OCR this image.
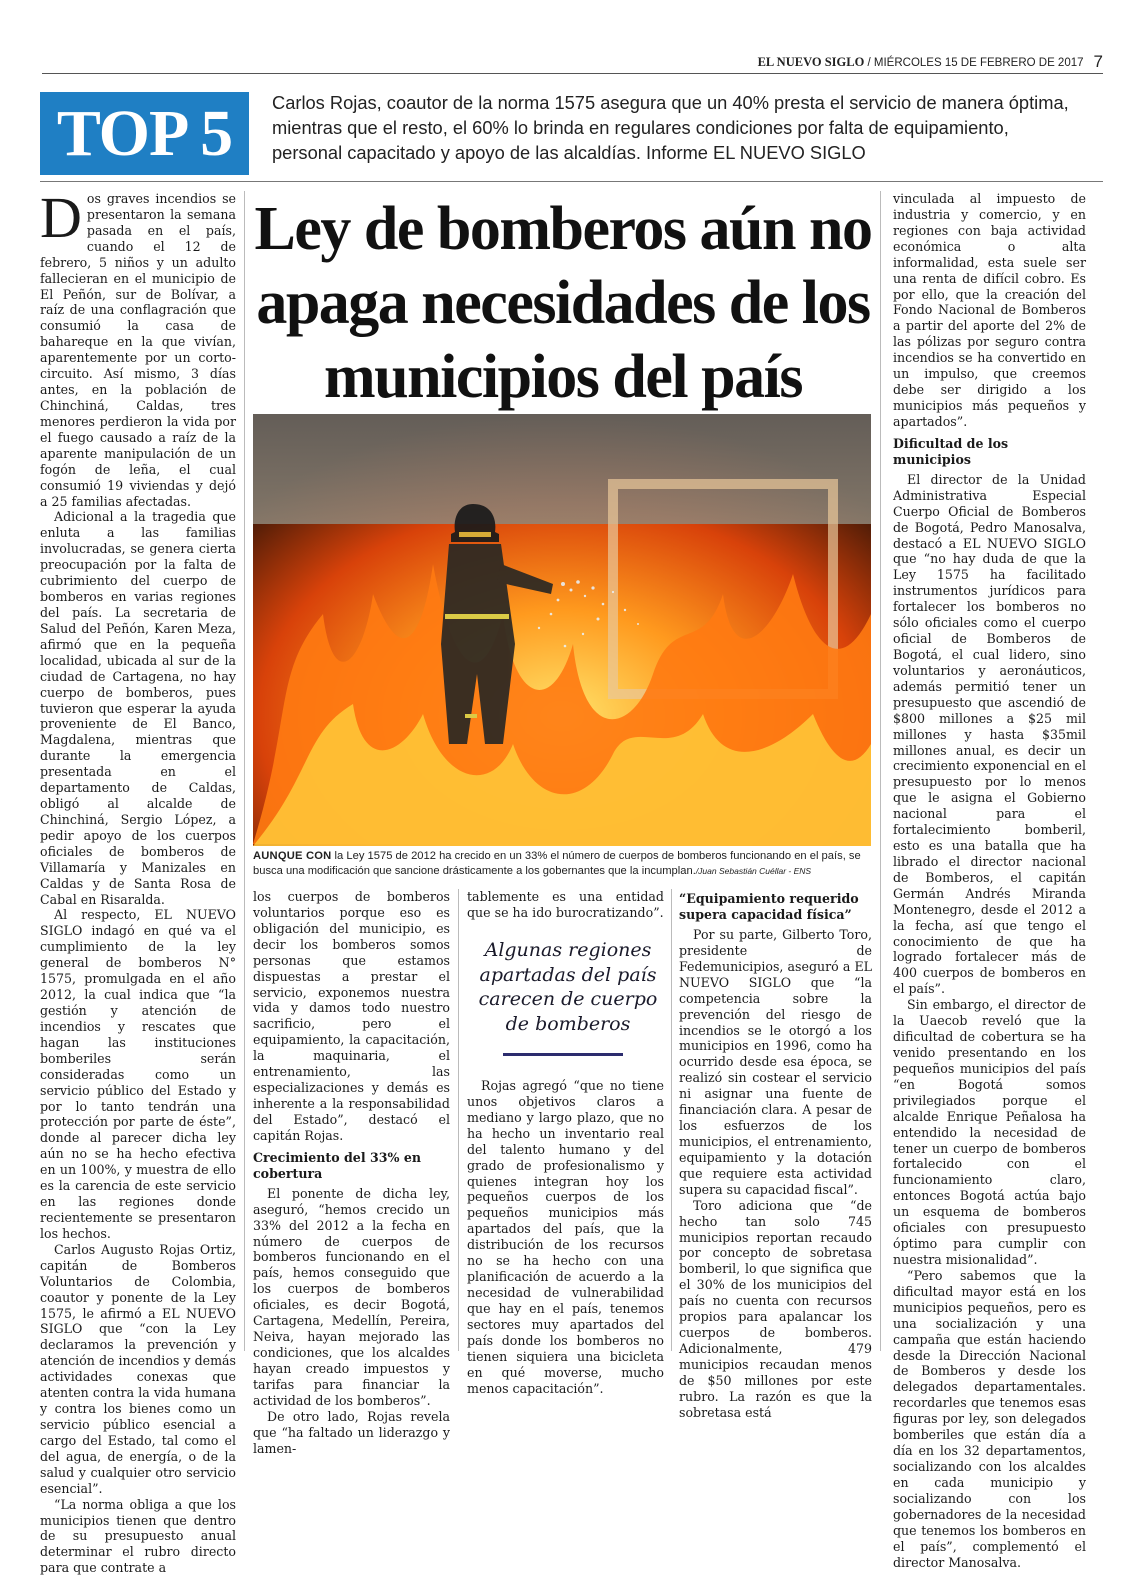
EL NUEVO SIGLO / MIÉRCOLES 15 DE FEBRERO DE 2017 7
TOP 5	Carlos Rojas, coautor de la norma 1575 asegura que un 40% presta el servicio de manera óptima, mientras que el resto, el 60% lo brinda en regulares condiciones por falta de equipamiento, personal capacitado y apoyo de las alcaldías. Informe EL NUEVO SIGLO
D os graves incendios se presentaron la semana pasada en el país, cuando el 12 de febrero, 5 niños y un adulto fallecieran en el municipio de El Peñón, sur de Bolívar, a raíz de una conflagración que consumió la casa de bahareque en la que vivían, aparentemente por un corto-circuito. Así mismo, 3 días antes, en la población de Chinchiná, Caldas, tres menores perdieron la vida por el fuego causado a raíz de la aparente manipulación de un fogón de leña, el cual consumió 19 viviendas y dejó a 25 familias afectadas.

Adicional a la tragedia que enluta a las familias involucradas, se genera cierta preocupación por la falta de cubrimiento del cuerpo de bomberos en varias regiones del país. La secretaria de Salud del Peñón, Karen Meza, afirmó que en la pequeña localidad, ubicada al sur de la ciudad de Cartagena, no hay cuerpo de bomberos, pues tuvieron que esperar la ayuda proveniente de El Banco, Magdalena, mientras que durante la emergencia presentada en el departamento de Caldas, obligó al alcalde de Chinchiná, Sergio López, a pedir apoyo de los cuerpos oficiales de bomberos de Villamaría y Manizales en Caldas y de Santa Rosa de Cabal en Risaralda.

Al respecto, EL NUEVO SIGLO indagó en qué va el cumplimiento de la ley general de bomberos N° 1575, promulgada en el año 2012, la cual indica que “la gestión y atención de incendios y rescates que hagan las instituciones bomberiles serán consideradas como un servicio público del Estado y por lo tanto tendrán una protección por parte de éste”, donde al parecer dicha ley aún no se ha hecho efectiva en un 100%, y muestra de ello es la carencia de este servicio en las regiones donde recientemente se presentaron los hechos.

Carlos Augusto Rojas Ortiz, capitán de Bomberos Voluntarios de Colombia, coautor y ponente de la Ley 1575, le afirmó a EL NUEVO SIGLO que “con la Ley declaramos la prevención y atención de incendios y demás actividades conexas que atenten contra la vida humana y contra los bienes como un servicio público esencial a cargo del Estado, tal como el del agua, de energía, o de la salud y cualquier otro servicio esencial”.

“La norma obliga a que los municipios tienen que dentro de su presupuesto anual determinar el rubro directo para que contrate a

Ley de bomberos aún no apaga necesidades de los municipios del país
AUNQUE CON la Ley 1575 de 2012 ha crecido en un 33% el número de cuerpos de bomberos funcionando en el país, se busca una modificación que sancione drásticamente a los gobernantes que la incumplan./Juan Sebastián Cuéllar - ENS

los cuerpos de bomberos voluntarios porque eso es obligación del municipio, es decir los bomberos somos personas que estamos dispuestas a prestar el servicio, exponemos nuestra vida y damos todo nuestro sacrificio, pero el equipamiento, la capacitación, la maquinaria, el entrenamiento, las especializaciones y demás es inherente a la responsabilidad del Estado”, destacó el capitán Rojas.

Crecimiento del 33% en cobertura

El ponente de dicha ley, aseguró, “hemos crecido un 33% del 2012 a la fecha en número de cuerpos de bomberos funcionando en el país, hemos conseguido que los cuerpos de bomberos oficiales, es decir Bogotá, Cartagena, Medellín, Pereira, Neiva, hayan mejorado las condiciones, que los alcaldes hayan creado impuestos y tarifas para financiar la actividad de los bomberos”.

De otro lado, Rojas revela que “ha faltado un liderazgo y lamen-

tablemente es una entidad que se ha ido burocratizando”.

Algunas regiones apartadas del país carecen de cuerpo de bomberos

Rojas agregó “que no tiene unos objetivos claros a mediano y largo plazo, que no ha hecho un inventario real del talento humano y del grado de profesionalismo y quienes integran hoy los pequeños cuerpos de los pequeños municipios más apartados del país, que la distribución de los recursos no se ha hecho con una planificación de acuerdo a la necesidad de vulnerabilidad que hay en el país, tenemos sectores muy apartados del país donde los bomberos no tienen siquiera una bicicleta en qué moverse, mucho menos capacitación”.

“Equipamiento requerido supera capacidad física”

Por su parte, Gilberto Toro, presidente de Fedemunicipios, aseguró a EL NUEVO SIGLO que “la competencia sobre la prevención del riesgo de incendios se le otorgó a los municipios en 1996, como ha ocurrido desde esa época, se realizó sin costear el servicio ni asignar una fuente de financiación clara. A pesar de los esfuerzos de los municipios, el entrenamiento, equipamiento y la dotación que requiere esta actividad supera su capacidad fiscal”.

Toro adiciona que “de hecho tan solo 745 municipios reportan recaudo por concepto de sobretasa bomberil, lo que significa que el 30% de los municipios del país no cuenta con recursos propios para apalancar los cuerpos de bomberos. Adicionalmente, 479 municipios recaudan menos de $50 millones por este rubro. La razón es que la sobretasa está

vinculada al impuesto de industria y comercio, y en regiones con baja actividad económica o alta informalidad, esta suele ser una renta de difícil cobro. Es por ello, que la creación del Fondo Nacional de Bomberos a partir del aporte del 2% de las pólizas por seguro contra incendios se ha convertido en un impulso, que creemos debe ser dirigido a los municipios más pequeños y apartados”.

Dificultad de los municipios

El director de la Unidad Administrativa Especial Cuerpo Oficial de Bomberos de Bogotá, Pedro Manosalva, destacó a EL NUEVO SIGLO que “no hay duda de que la Ley 1575 ha facilitado instrumentos jurídicos para fortalecer los bomberos no sólo oficiales como el cuerpo oficial de Bomberos de Bogotá, el cual lidero, sino voluntarios y aeronáuticos, además permitió tener un presupuesto que ascendió de $800 millones a $25 mil millones y hasta $35mil millones anual, es decir un crecimiento exponencial en el presupuesto por lo menos que le asigna el Gobierno nacional para el fortalecimiento bomberil, esto es una batalla que ha librado el director nacional de Bomberos, el capitán Germán Andrés Miranda Montenegro, desde el 2012 a la fecha, así que tengo el conocimiento de que ha logrado fortalecer más de 400 cuerpos de bomberos en el país”.

Sin embargo, el director de la Uaecob reveló que la dificultad de cobertura se ha venido presentando en los pequeños municipios del país “en Bogotá somos privilegiados porque el alcalde Enrique Peñalosa ha entendido la necesidad de tener un cuerpo de bomberos fortalecido con el funcionamiento claro, entonces Bogotá actúa bajo un esquema de bomberos oficiales con presupuesto óptimo para cumplir con nuestra misionalidad”.

“Pero sabemos que la dificultad mayor está en los municipios pequeños, pero es una socialización y una campaña que están haciendo desde la Dirección Nacional de Bomberos y desde los delegados departamentales. recordarles que tenemos esas figuras por ley, son delegados bomberiles que están día a día en los 32 departamentos, socializando con los alcaldes en cada municipio y socializando con los gobernadores de la necesidad que tenemos los bomberos en el país”, complementó el director Manosalva.
